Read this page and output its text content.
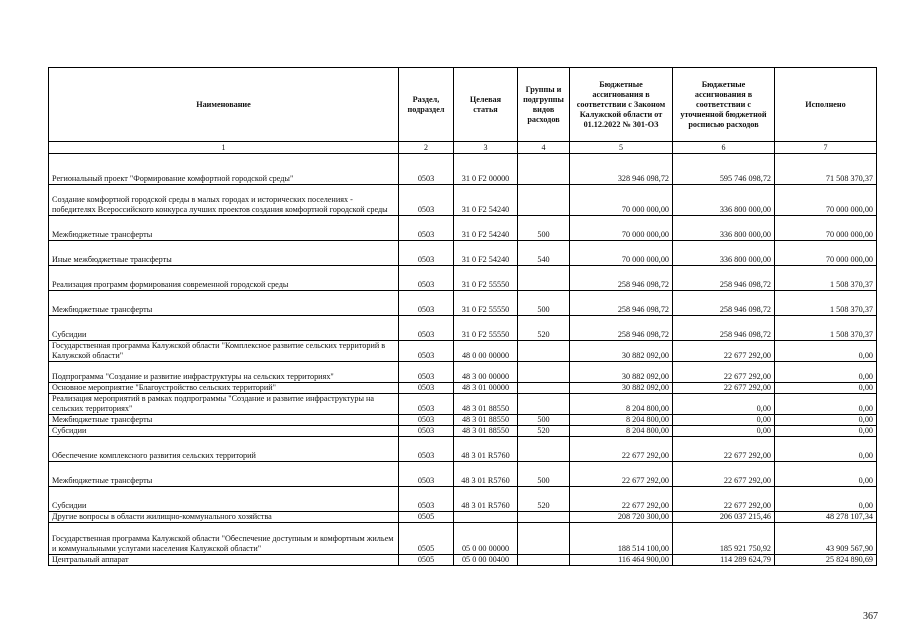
Наименование	Раздел, подраздел	Целевая статья	Группы и подгруппы видов расходов	Бюджетные ассигнования в соответствии с Законом Калужской области от 01.12.2022 № 301-ОЗ	Бюджетные ассигнования в соответствии с уточненной бюджетной росписью расходов	Исполнено
1	2	3	4	5	6	7
Региональный проект "Формирование комфортной городской среды"	0503	31 0 F2 00000		328 946 098,72	595 746 098,72	71 508 370,37
Создание комфортной городской среды в малых городах и исторических поселениях - победителях Всероссийского конкурса лучших проектов создания комфортной городской среды	0503	31 0 F2 54240		70 000 000,00	336 800 000,00	70 000 000,00
Межбюджетные трансферты	0503	31 0 F2 54240	500	70 000 000,00	336 800 000,00	70 000 000,00
Иные межбюджетные трансферты	0503	31 0 F2 54240	540	70 000 000,00	336 800 000,00	70 000 000,00
Реализация программ формирования современной городской среды	0503	31 0 F2 55550		258 946 098,72	258 946 098,72	1 508 370,37
Межбюджетные трансферты	0503	31 0 F2 55550	500	258 946 098,72	258 946 098,72	1 508 370,37
Субсидии	0503	31 0 F2 55550	520	258 946 098,72	258 946 098,72	1 508 370,37
Государственная программа Калужской области "Комплексное развитие сельских территорий в Калужской области"	0503	48 0 00 00000		30 882 092,00	22 677 292,00	0,00
Подпрограмма "Создание и развитие инфраструктуры на сельских территориях"	0503	48 3 00 00000		30 882 092,00	22 677 292,00	0,00
Основное мероприятие "Благоустройство сельских территорий"	0503	48 3 01 00000		30 882 092,00	22 677 292,00	0,00
Реализация мероприятий в рамках подпрограммы "Создание и развитие инфраструктуры на сельских территориях"	0503	48 3 01 88550		8 204 800,00	0,00	0,00
Межбюджетные трансферты	0503	48 3 01 88550	500	8 204 800,00	0,00	0,00
Субсидии	0503	48 3 01 88550	520	8 204 800,00	0,00	0,00
Обеспечение комплексного развития сельских территорий	0503	48 3 01 R5760		22 677 292,00	22 677 292,00	0,00
Межбюджетные трансферты	0503	48 3 01 R5760	500	22 677 292,00	22 677 292,00	0,00
Субсидии	0503	48 3 01 R5760	520	22 677 292,00	22 677 292,00	0,00
Другие вопросы в области жилищно-коммунального хозяйства	0505			208 720 300,00	206 037 215,46	48 278 107,34
Государственная программа Калужской области "Обеспечение доступным и комфортным жильем и коммунальными услугами населения Калужской области"	0505	05 0 00 00000		188 514 100,00	185 921 750,92	43 909 567,90
Центральный аппарат	0505	05 0 00 00400		116 464 900,00	114 289 624,79	25 824 890,69
367
